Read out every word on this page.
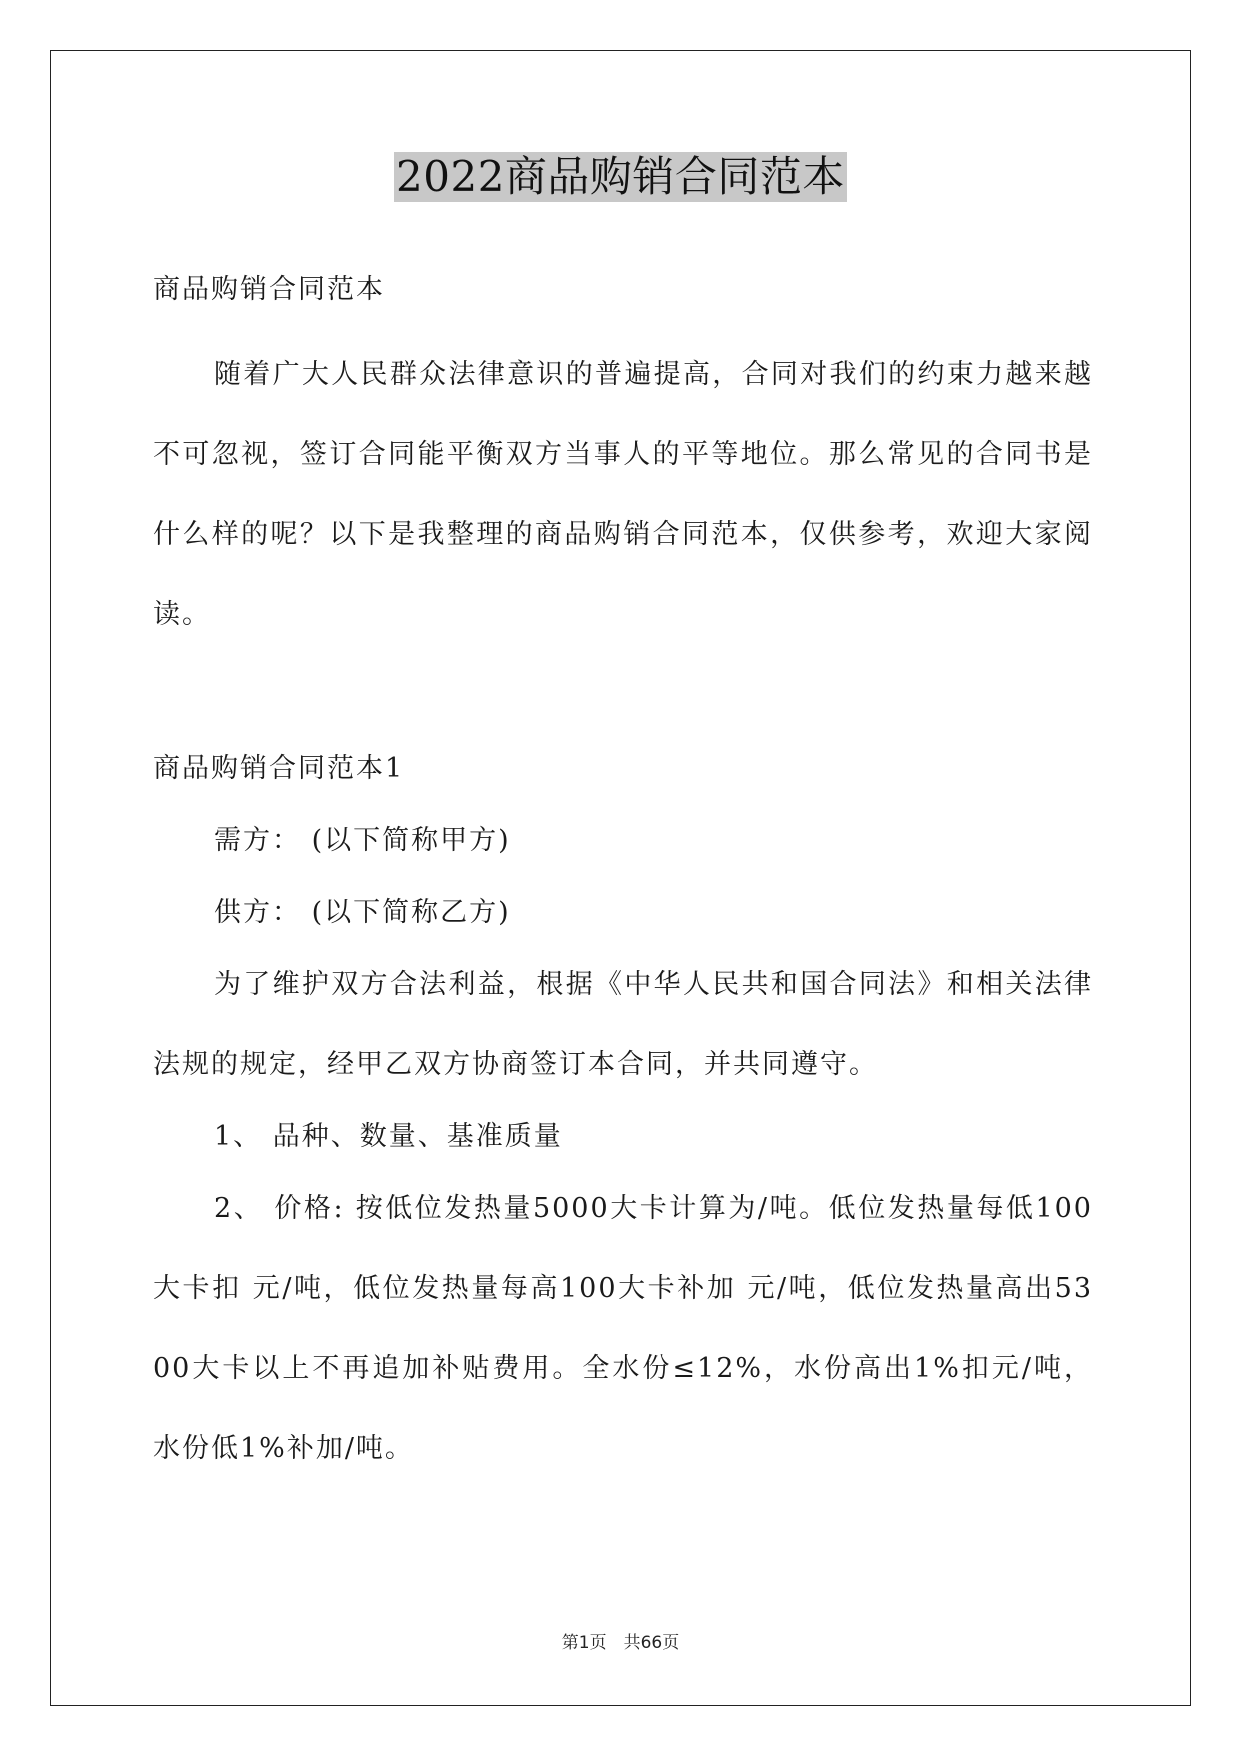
2022商品购销合同范本

商品购销合同范本

随着广大人民群众法律意识的普遍提高，合同对我们的约束力越来越不可忽视，签订合同能平衡双方当事人的平等地位。那么常见的合同书是什么样的呢？以下是我整理的商品购销合同范本，仅供参考，欢迎大家阅读。

商品购销合同范本1

需方： (以下简称甲方)

供方： (以下简称乙方)

为了维护双方合法利益，根据《中华人民共和国合同法》和相关法律法规的规定，经甲乙双方协商签订本合同，并共同遵守。

1、 品种、数量、基准质量

2、 价格: 按低位发热量5000大卡计算为/吨。低位发热量每低100大卡扣 元/吨，低位发热量每高100大卡补加 元/吨，低位发热量高出5300大卡以上不再追加补贴费用。全水份≤12%，水份高出1%扣元/吨，水份低1%补加/吨。

第1页　共66页
